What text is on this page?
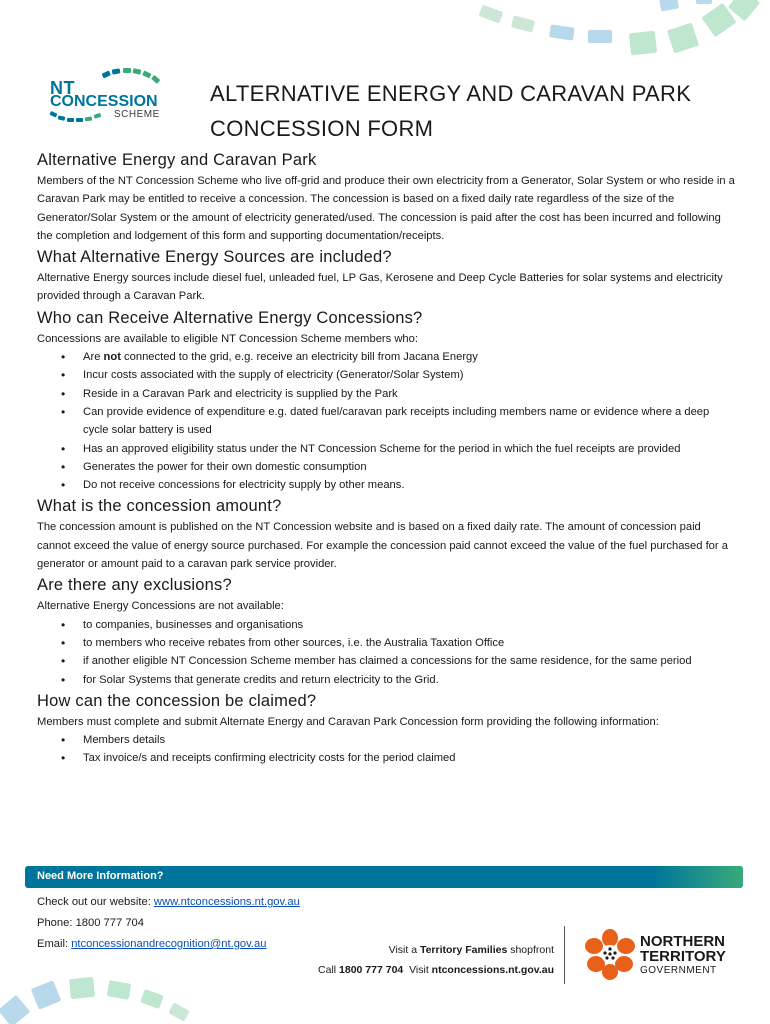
NT
CONCESSION
SCHEME
ALTERNATIVE ENERGY AND CARAVAN PARK CONCESSION FORM
Alternative Energy and Caravan Park

Members of the NT Concession Scheme who live off-grid and produce their own electricity from a Generator, Solar System or who reside in a Caravan Park may be entitled to receive a concession. The concession is based on a fixed daily rate regardless of the size of the Generator/Solar System or the amount of electricity generated/used. The concession is paid after the cost has been incurred and following the completion and lodgement of this form and supporting documentation/receipts.

What Alternative Energy Sources are included?

Alternative Energy sources include diesel fuel, unleaded fuel, LP Gas, Kerosene and Deep Cycle Batteries for solar systems and electricity provided through a Caravan Park.

Who can Receive Alternative Energy Concessions?

Concessions are available to eligible NT Concession Scheme members who:

• Are not connected to the grid, e.g. receive an electricity bill from Jacana Energy
• Incur costs associated with the supply of electricity (Generator/Solar System)
• Reside in a Caravan Park and electricity is supplied by the Park
• Can provide evidence of expenditure e.g. dated fuel/caravan park receipts including members name or evidence where a deep cycle solar battery is used
• Has an approved eligibility status under the NT Concession Scheme for the period in which the fuel receipts are provided
• Generates the power for their own domestic consumption
• Do not receive concessions for electricity supply by other means.
What is the concession amount?

The concession amount is published on the NT Concession website and is based on a fixed daily rate. The amount of concession paid cannot exceed the value of energy source purchased. For example the concession paid cannot exceed the value of the fuel purchased for a generator or amount paid to a caravan park service provider.

Are there any exclusions?

Alternative Energy Concessions are not available:

• to companies, businesses and organisations
• to members who receive rebates from other sources, i.e. the Australia Taxation Office
• if another eligible NT Concession Scheme member has claimed a concessions for the same residence, for the same period
• for Solar Systems that generate credits and return electricity to the Grid.
How can the concession be claimed?

Members must complete and submit Alternate Energy and Caravan Park Concession form providing the following information:

• Members details
• Tax invoice/s and receipts confirming electricity costs for the period claimed
Need More Information?
Check out our website: www.ntconcessions.nt.gov.au
Phone: 1800 777 704
Email: ntconcessionandrecognition@nt.gov.au	Visit a Territory Families shopfront
Call 1800 777 704  Visit ntconcessions.nt.gov.au
NORTHERN
TERRITORY
GOVERNMENT
